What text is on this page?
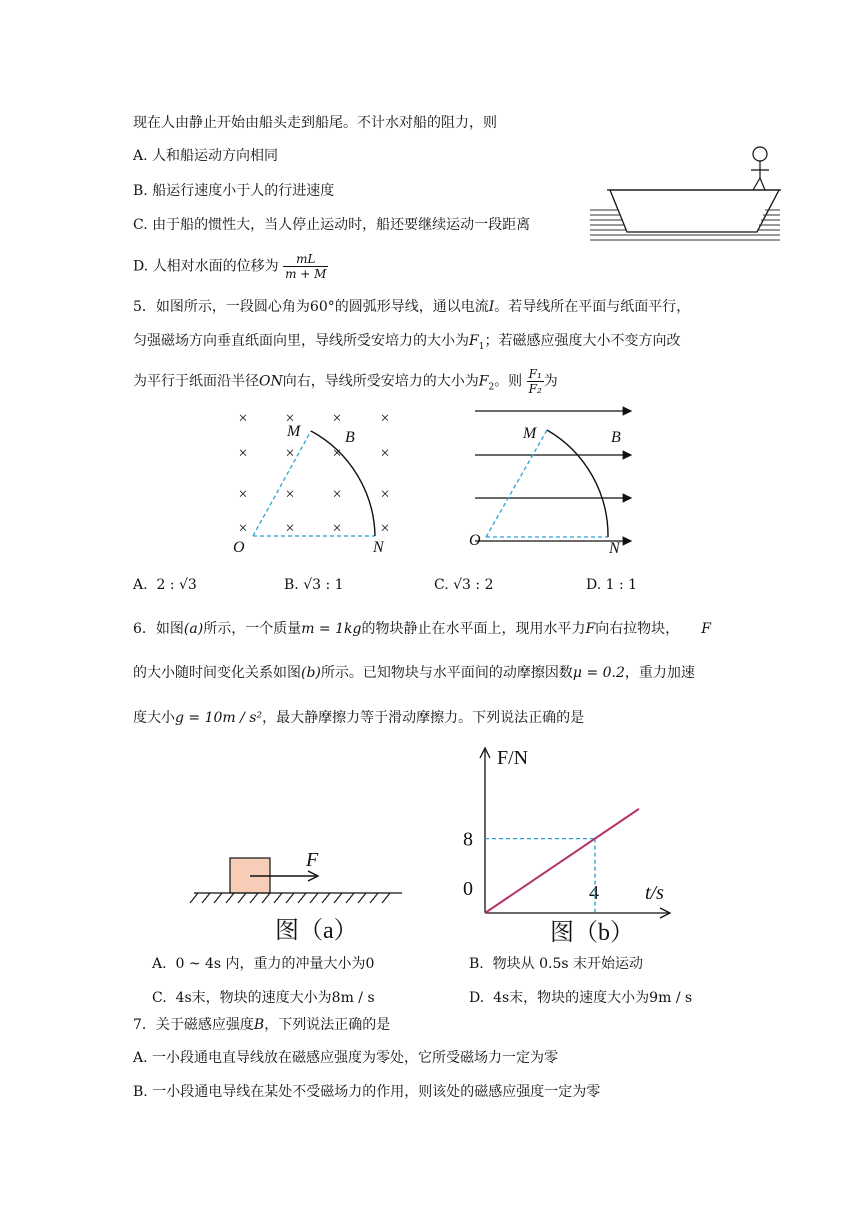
现在人由静止开始由船头走到船尾。不计水对船的阻力，则
A. 人和船运动方向相同
B. 船运行速度小于人的行进速度
C. 由于船的惯性大，当人停止运动时，船还要继续运动一段距离
D. 人相对水面的位移为 $\frac{mL}{m + M}$
5．如图所示，一段圆心角为60°的圆弧形导线，通以电流I。若导线所在平面与纸面平行，
匀强磁场方向垂直纸面向里，导线所受安培力的大小为$F_1$；若磁感应强度大小不变方向改
为平行于纸面沿半径ON向右，导线所受安培力的大小为$F_2$。则 $\frac{\text{F₁}}{\text{F₂}}$ 为
× × × ×
× × × ×
× × × ×
× × × ×
M	B
O	N
M	B
O	N
A. 2 : √3	B. √3 : 1	C. √3 : 2	D. 1 : 1
6．如图(a)所示，一个质量m = 1kg的物块静止在水平面上，现用水平力F向右拉物块， F
的大小随时间变化关系如图(b)所示。已知物块与水平面间的动摩擦因数μ = 0.2，重力加速
度大小g = 10m / s²，最大静摩擦力等于滑动摩擦力。下列说法正确的是
F
图（a）
F/N
t/s
0
8
4
图（b）
A. 0 ~ 4s 内，重力的冲量大小为0	B. 物块从 0.5s 末开始运动
C. 4s末，物块的速度大小为8m / s	D. 4s末，物块的速度大小为9m / s
7．关于磁感应强度B，下列说法正确的是
A. 一小段通电直导线放在磁感应强度为零处，它所受磁场力一定为零
B. 一小段通电导线在某处不受磁场力的作用，则该处的磁感应强度一定为零
